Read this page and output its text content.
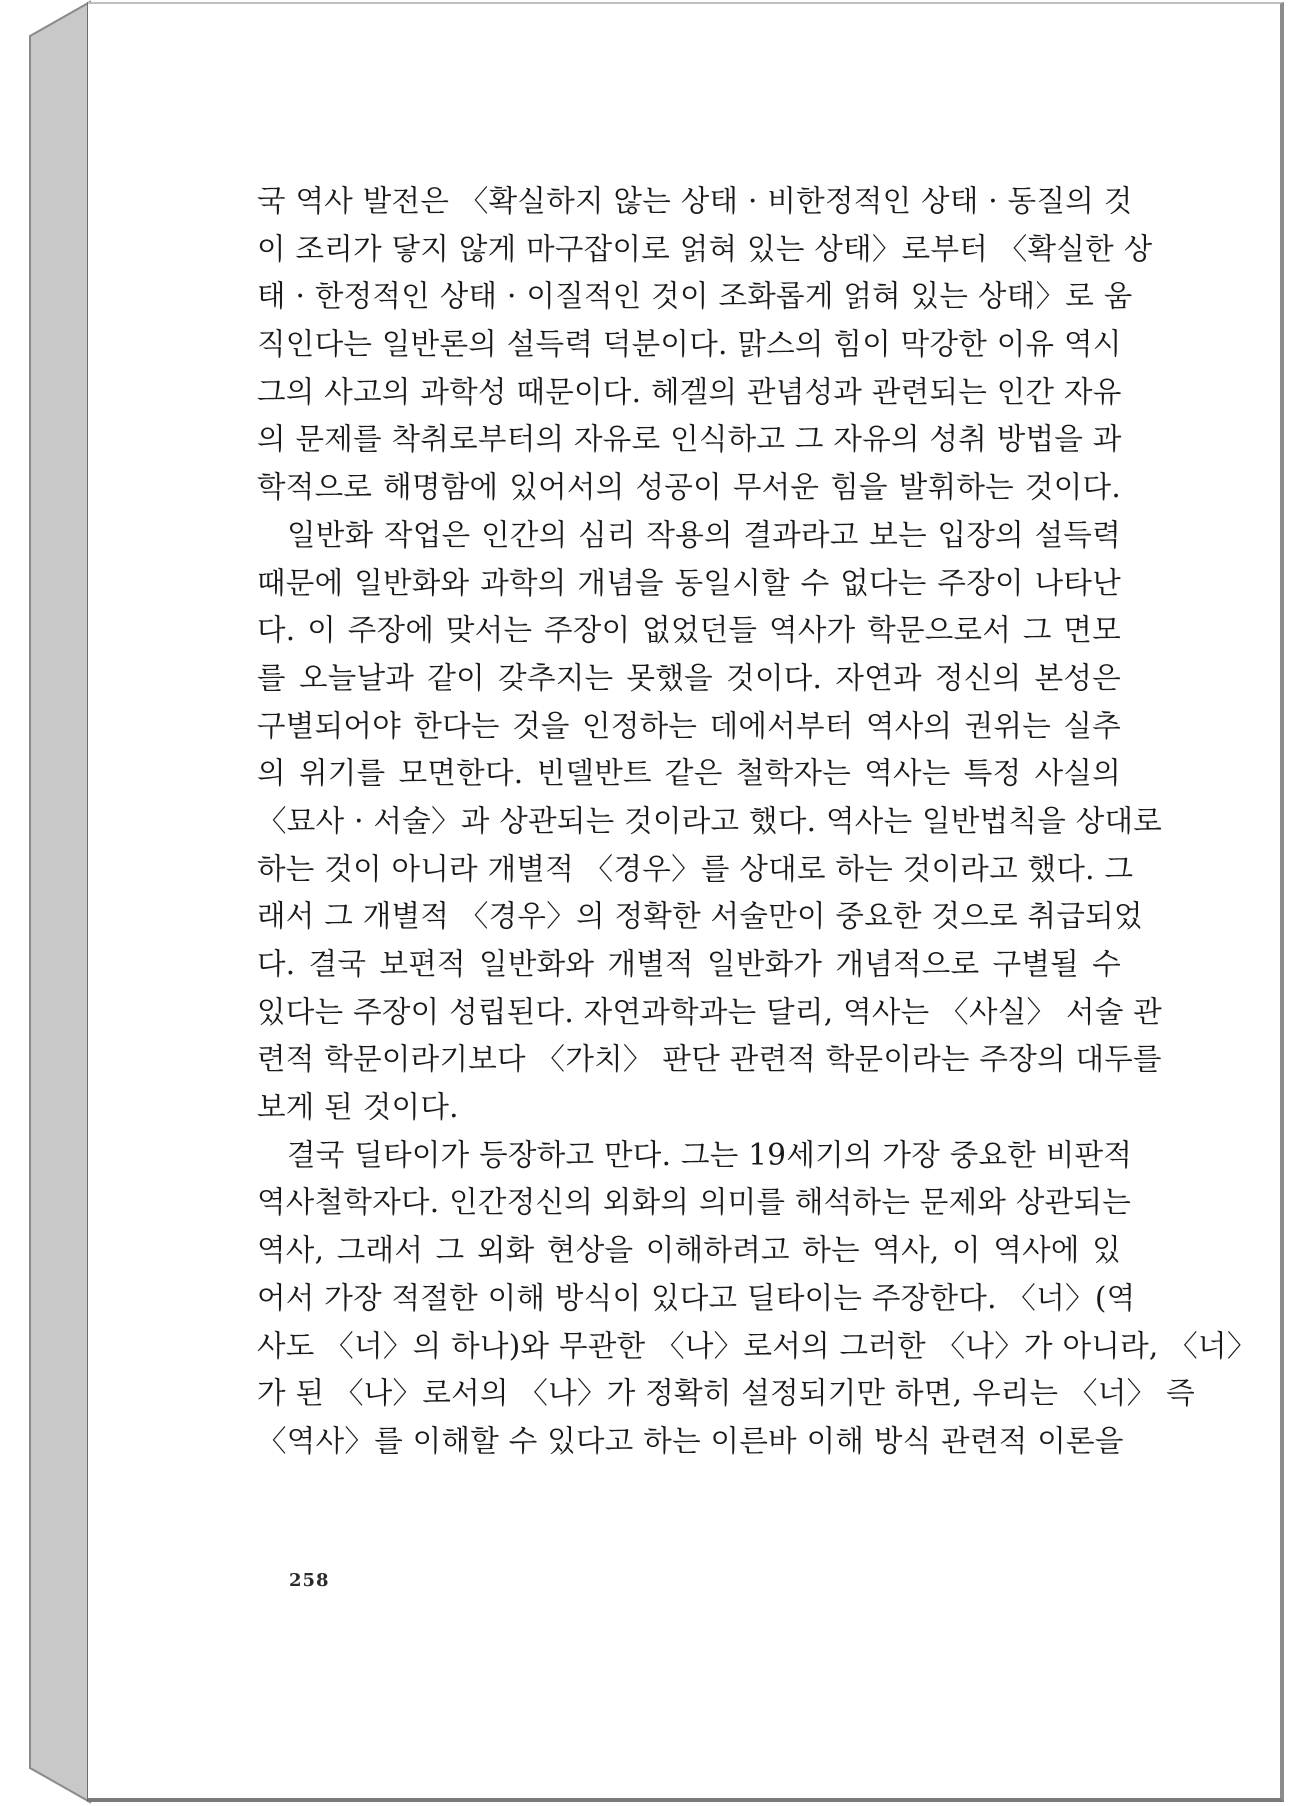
국 역사 발전은 〈확실하지 않는 상태 · 비한정적인 상태 · 동질의 것
이 조리가 닿지 않게 마구잡이로 얽혀 있는 상태〉로부터 〈확실한 상
태 · 한정적인 상태 · 이질적인 것이 조화롭게 얽혀 있는 상태〉로 움
직인다는 일반론의 설득력 덕분이다. 맑스의 힘이 막강한 이유 역시
그의 사고의 과학성 때문이다. 헤겔의 관념성과 관련되는 인간 자유
의 문제를 착취로부터의 자유로 인식하고 그 자유의 성취 방법을 과
학적으로 해명함에 있어서의 성공이 무서운 힘을 발휘하는 것이다.
일반화 작업은 인간의 심리 작용의 결과라고 보는 입장의 설득력
때문에 일반화와 과학의 개념을 동일시할 수 없다는 주장이 나타난
다. 이 주장에 맞서는 주장이 없었던들 역사가 학문으로서 그 면모
를 오늘날과 같이 갖추지는 못했을 것이다. 자연과 정신의 본성은
구별되어야 한다는 것을 인정하는 데에서부터 역사의 권위는 실추
의 위기를 모면한다. 빈델반트 같은 철학자는 역사는 특정 사실의
〈묘사 · 서술〉과 상관되는 것이라고 했다. 역사는 일반법칙을 상대로
하는 것이 아니라 개별적 〈경우〉를 상대로 하는 것이라고 했다. 그
래서 그 개별적 〈경우〉의 정확한 서술만이 중요한 것으로 취급되었
다. 결국 보편적 일반화와 개별적 일반화가 개념적으로 구별될 수
있다는 주장이 성립된다. 자연과학과는 달리, 역사는 〈사실〉 서술 관
련적 학문이라기보다 〈가치〉 판단 관련적 학문이라는 주장의 대두를
보게 된 것이다.
결국 딜타이가 등장하고 만다. 그는 19세기의 가장 중요한 비판적
역사철학자다. 인간정신의 외화의 의미를 해석하는 문제와 상관되는
역사, 그래서 그 외화 현상을 이해하려고 하는 역사, 이 역사에 있
어서 가장 적절한 이해 방식이 있다고 딜타이는 주장한다. 〈너〉(역
사도 〈너〉의 하나)와 무관한 〈나〉로서의 그러한 〈나〉가 아니라, 〈너〉
가 된 〈나〉로서의 〈나〉가 정확히 설정되기만 하면, 우리는 〈너〉 즉
〈역사〉를 이해할 수 있다고 하는 이른바 이해 방식 관련적 이론을
258
